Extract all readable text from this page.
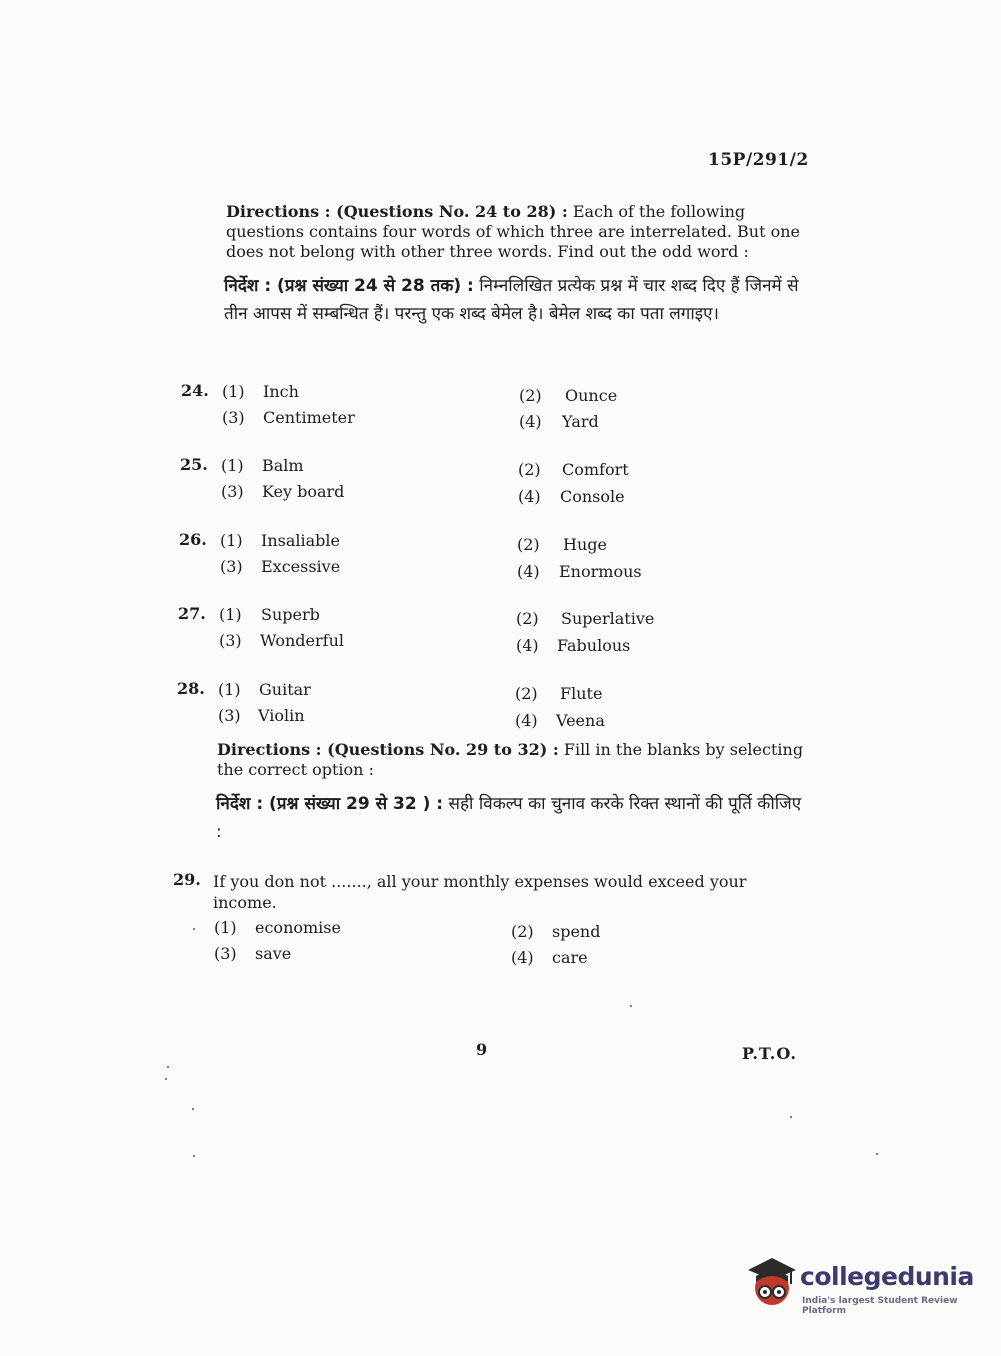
15P/291/2
Directions : (Questions No. 24 to 28) : Each of the following questions contains four words of which three are interrelated. But one does not belong with other three words. Find out the odd word :
निर्देश : (प्रश्न संख्या 24 से 28 तक) : निम्नलिखित प्रत्येक प्रश्न में चार शब्द दिए हैं जिनमें से तीन आपस में सम्बन्धित हैं। परन्तु एक शब्द बेमेल है। बेमेल शब्द का पता लगाइए।
24. (1) Inch	(2) Ounce
(3) Centimeter	(4) Yard
25. (1) Balm	(2) Comfort
(3) Key board	(4) Console
26. (1) Insaliable	(2) Huge
(3) Excessive	(4) Enormous
27. (1) Superb	(2) Superlative
(3) Wonderful	(4) Fabulous
28. (1) Guitar	(2) Flute
(3) Violin	(4) Veena
Directions : (Questions No. 29 to 32) : Fill in the blanks by selecting the correct option :
निर्देश : (प्रश्न संख्या 29 से 32 ) : सही विकल्प का चुनाव करके रिक्त स्थानों की पूर्ति कीजिए :
29. If you don not ......., all your monthly expenses would exceed your income.
(1) economise	(2) spend
(3) save	(4) care
9	P.T.O.
collegedunia
India's largest Student Review Platform
